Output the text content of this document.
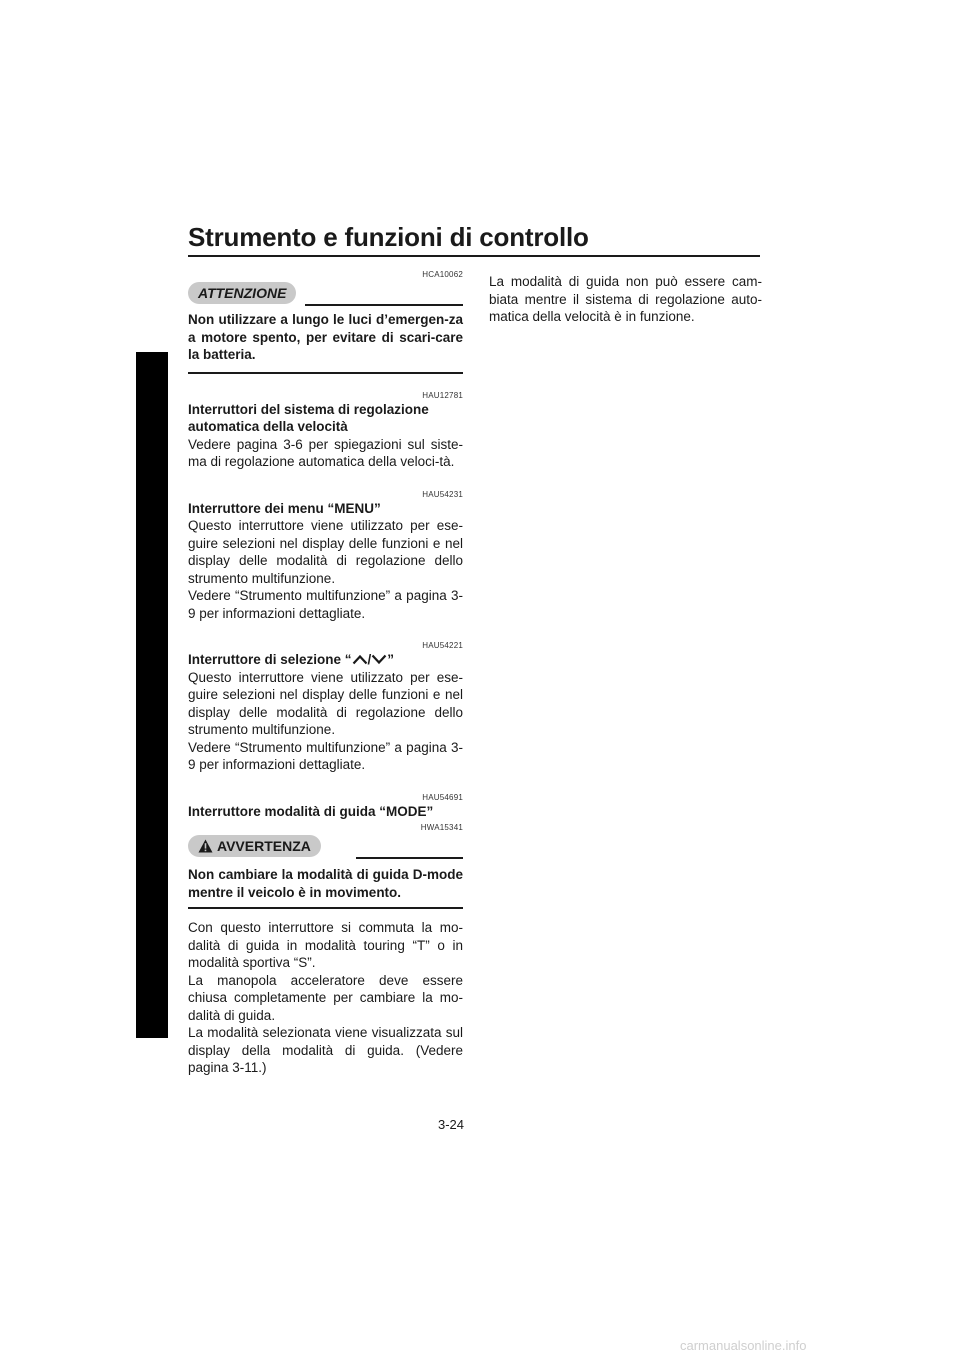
Strumento e funzioni di controllo
3
HCA10062
ATTENZIONE

Non utilizzare a lungo le luci d’emergen-za a motore spento, per evitare di scari-care la batteria.

HAU12781

Interruttori del sistema di regolazione automatica della velocità

Vedere pagina 3-6 per spiegazioni sul siste-ma di regolazione automatica della veloci-tà.

HAU54231

Interruttore dei menu “MENU”

Questo interruttore viene utilizzato per ese-guire selezioni nel display delle funzioni e nel display delle modalità di regolazione dello strumento multifunzione.

Vedere “Strumento multifunzione” a pagina 3-9 per informazioni dettagliate.

HAU54221

Interruttore di selezione “ / ”

Questo interruttore viene utilizzato per ese-guire selezioni nel display delle funzioni e nel display delle modalità di regolazione dello strumento multifunzione.

Vedere “Strumento multifunzione” a pagina 3-9 per informazioni dettagliate.

HAU54691

Interruttore modalità di guida “MODE”

HWA15341
AVVERTENZA

Non cambiare la modalità di guida D-mode mentre il veicolo è in movimento.

Con questo interruttore si commuta la mo-dalità di guida in modalità touring “T” o in modalità sportiva “S”.

La manopola acceleratore deve essere chiusa completamente per cambiare la mo-dalità di guida.

La modalità selezionata viene visualizzata sul display della modalità di guida. (Vedere pagina 3-11.)

La modalità di guida non può essere cam-biata mentre il sistema di regolazione auto-matica della velocità è in funzione.

3-24
carmanualsonline.info
